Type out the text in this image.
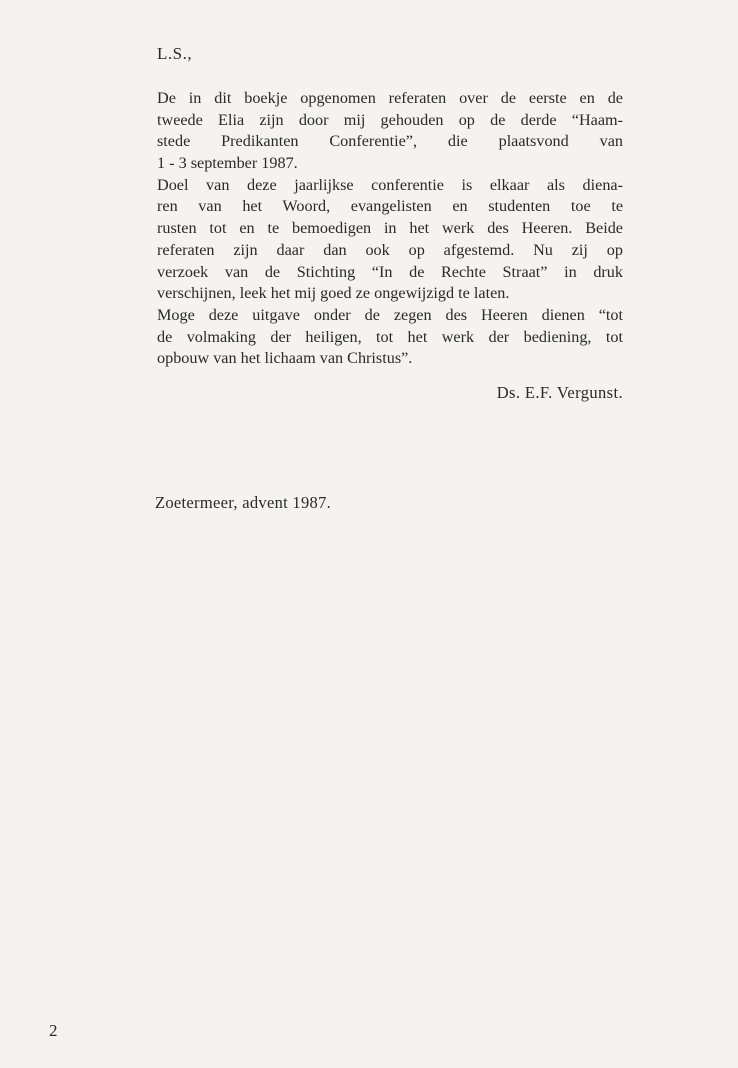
L.S.,
De in dit boekje opgenomen referaten over de eerste en de
tweede Elia zijn door mij gehouden op de derde “Haam-
stede Predikanten Conferentie”, die plaatsvond van
1 - 3 september 1987.
Doel van deze jaarlijkse conferentie is elkaar als diena-
ren van het Woord, evangelisten en studenten toe te
rusten tot en te bemoedigen in het werk des Heeren. Beide
referaten zijn daar dan ook op afgestemd. Nu zij op
verzoek van de Stichting “In de Rechte Straat” in druk
verschijnen, leek het mij goed ze ongewijzigd te laten.
Moge deze uitgave onder de zegen des Heeren dienen “tot
de volmaking der heiligen, tot het werk der bediening, tot
opbouw van het lichaam van Christus”.
Ds. E.F. Vergunst.
Zoetermeer, advent 1987.
2
